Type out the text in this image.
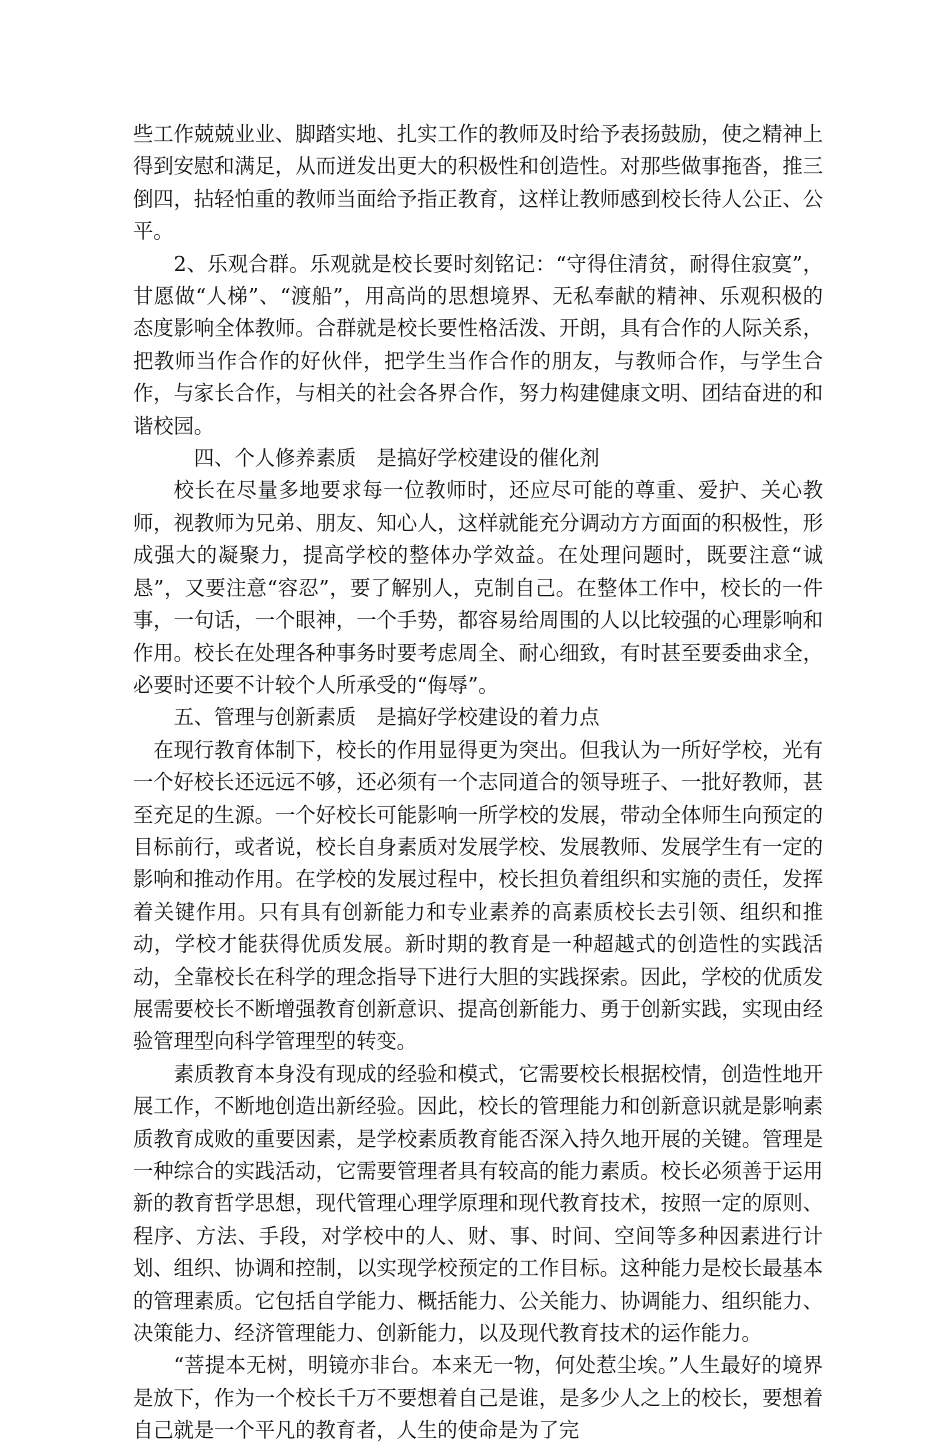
些工作兢兢业业、脚踏实地、扎实工作的教师及时给予表扬鼓励，使之精神上得到安慰和满足，从而迸发出更大的积极性和创造性。对那些做事拖沓，推三倒四，拈轻怕重的教师当面给予指正教育，这样让教师感到校长待人公正、公平。

2、乐观合群。乐观就是校长要时刻铭记：“守得住清贫，耐得住寂寞”，甘愿做“人梯”、“渡船”，用高尚的思想境界、无私奉献的精神、乐观积极的态度影响全体教师。合群就是校长要性格活泼、开朗，具有合作的人际关系，把教师当作合作的好伙伴，把学生当作合作的朋友，与教师合作，与学生合作，与家长合作，与相关的社会各界合作，努力构建健康文明、团结奋进的和谐校园。

四、个人修养素质　是搞好学校建设的催化剂

校长在尽量多地要求每一位教师时，还应尽可能的尊重、爱护、关心教师，视教师为兄弟、朋友、知心人，这样就能充分调动方方面面的积极性，形成强大的凝聚力，提高学校的整体办学效益。在处理问题时，既要注意“诚恳”，又要注意“容忍”，要了解别人，克制自己。在整体工作中，校长的一件事，一句话，一个眼神，一个手势，都容易给周围的人以比较强的心理影响和作用。校长在处理各种事务时要考虑周全、耐心细致，有时甚至要委曲求全，必要时还要不计较个人所承受的“侮辱”。

五、管理与创新素质　是搞好学校建设的着力点

在现行教育体制下，校长的作用显得更为突出。但我认为一所好学校，光有一个好校长还远远不够，还必须有一个志同道合的领导班子、一批好教师，甚至充足的生源。一个好校长可能影响一所学校的发展，带动全体师生向预定的目标前行，或者说，校长自身素质对发展学校、发展教师、发展学生有一定的影响和推动作用。在学校的发展过程中，校长担负着组织和实施的责任，发挥着关键作用。只有具有创新能力和专业素养的高素质校长去引领、组织和推动，学校才能获得优质发展。新时期的教育是一种超越式的创造性的实践活动，全靠校长在科学的理念指导下进行大胆的实践探索。因此，学校的优质发展需要校长不断增强教育创新意识、提高创新能力、勇于创新实践，实现由经验管理型向科学管理型的转变。

素质教育本身没有现成的经验和模式，它需要校长根据校情，创造性地开展工作，不断地创造出新经验。因此，校长的管理能力和创新意识就是影响素质教育成败的重要因素，是学校素质教育能否深入持久地开展的关键。管理是一种综合的实践活动，它需要管理者具有较高的能力素质。校长必须善于运用新的教育哲学思想，现代管理心理学原理和现代教育技术，按照一定的原则、程序、方法、手段，对学校中的人、财、事、时间、空间等多种因素进行计划、组织、协调和控制，以实现学校预定的工作目标。这种能力是校长最基本的管理素质。它包括自学能力、概括能力、公关能力、协调能力、组织能力、决策能力、经济管理能力、创新能力，以及现代教育技术的运作能力。

“菩提本无树，明镜亦非台。本来无一物，何处惹尘埃。”人生最好的境界是放下，作为一个校长千万不要想着自己是谁，是多少人之上的校长，要想着自己就是一个平凡的教育者，人生的使命是为了完
